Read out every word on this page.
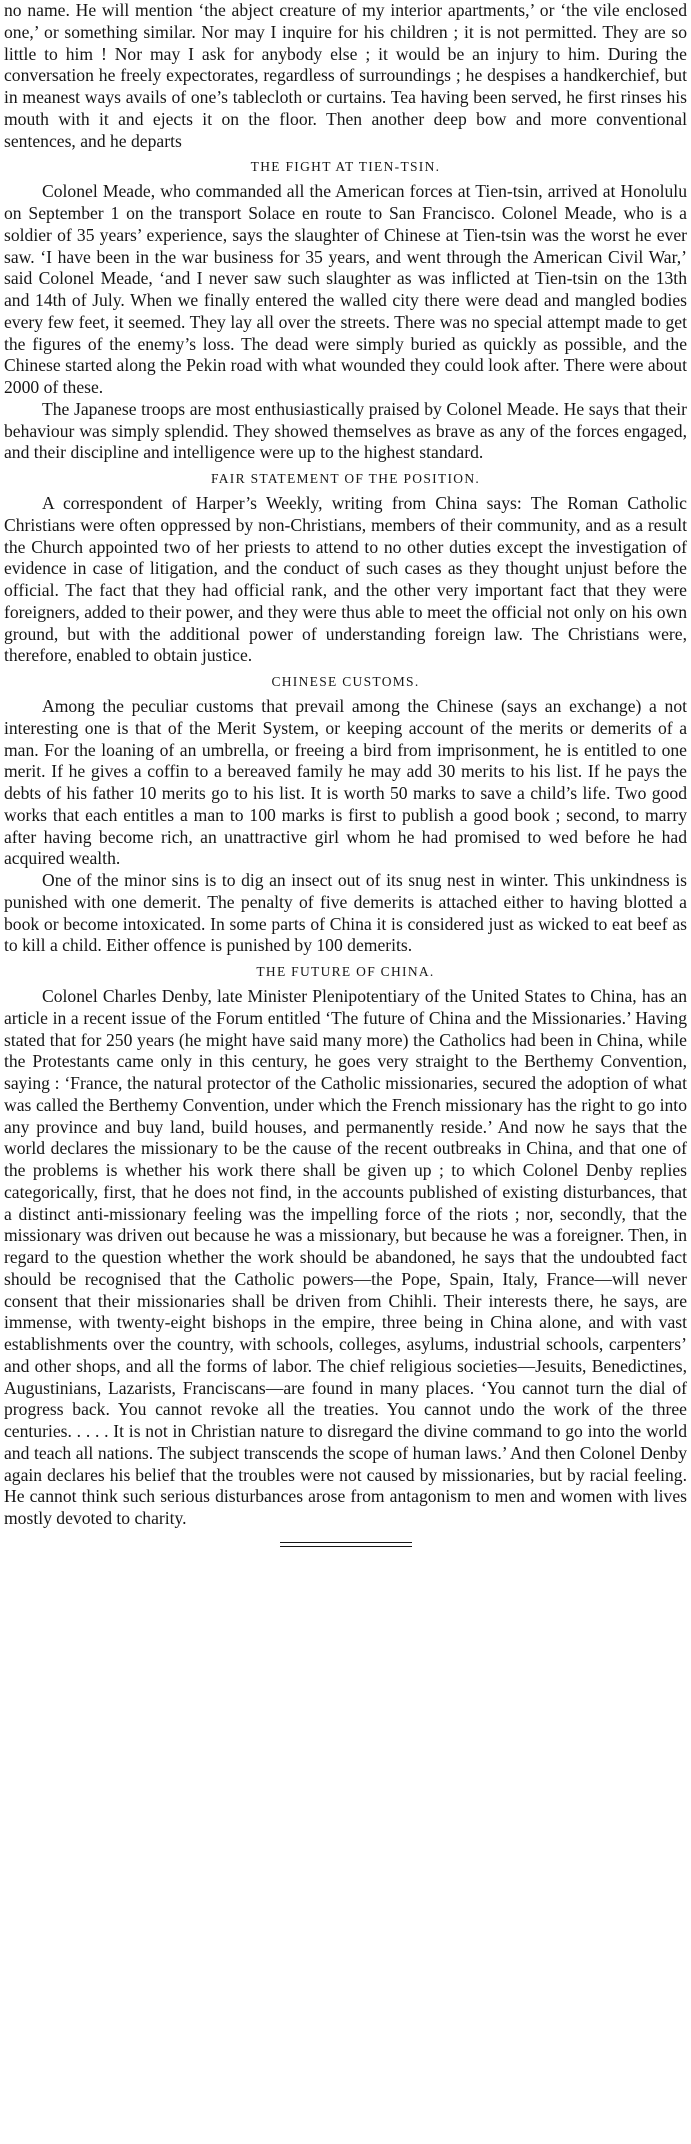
no name. He will mention ‘the abject creature of my interior apartments,’ or ‘the vile enclosed one,’ or something similar. Nor may I inquire for his children ; it is not permitted. They are so little to him ! Nor may I ask for anybody else ; it would be an injury to him. During the conversation he freely expectorates, regardless of surroundings ; he despises a handkerchief, but in meanest ways avails of one’s tablecloth or curtains. Tea having been served, he first rinses his mouth with it and ejects it on the floor. Then another deep bow and more conventional sentences, and he departs

THE FIGHT AT TIEN-TSIN.

Colonel Meade, who commanded all the American forces at Tien-tsin, arrived at Honolulu on September 1 on the transport Solace en route to San Francisco. Colonel Meade, who is a soldier of 35 years’ experience, says the slaughter of Chinese at Tien-tsin was the worst he ever saw. ‘I have been in the war business for 35 years, and went through the American Civil War,’ said Colonel Meade, ‘and I never saw such slaughter as was inflicted at Tien-tsin on the 13th and 14th of July. When we finally entered the walled city there were dead and mangled bodies every few feet, it seemed. They lay all over the streets. There was no special attempt made to get the figures of the enemy’s loss. The dead were simply buried as quickly as possible, and the Chinese started along the Pekin road with what wounded they could look after. There were about 2000 of these.

The Japanese troops are most enthusiastically praised by Colonel Meade. He says that their behaviour was simply splendid. They showed themselves as brave as any of the forces engaged, and their discipline and intelligence were up to the highest standard.

FAIR STATEMENT OF THE POSITION.

A correspondent of Harper’s Weekly, writing from China says: The Roman Catholic Christians were often oppressed by non-Christians, members of their community, and as a result the Church appointed two of her priests to attend to no other duties except the investigation of evidence in case of litigation, and the conduct of such cases as they thought unjust before the official. The fact that they had official rank, and the other very important fact that they were foreigners, added to their power, and they were thus able to meet the official not only on his own ground, but with the additional power of understanding foreign law. The Christians were, therefore, enabled to obtain justice.

CHINESE CUSTOMS.

Among the peculiar customs that prevail among the Chinese (says an exchange) a not interesting one is that of the Merit System, or keeping account of the merits or demerits of a man. For the loaning of an umbrella, or freeing a bird from imprisonment, he is entitled to one merit. If he gives a coffin to a bereaved family he may add 30 merits to his list. If he pays the debts of his father 10 merits go to his list. It is worth 50 marks to save a child’s life. Two good works that each entitles a man to 100 marks is first to publish a good book ; second, to marry after having become rich, an unattractive girl whom he had promised to wed before he had acquired wealth.

One of the minor sins is to dig an insect out of its snug nest in winter. This unkindness is punished with one demerit. The penalty of five demerits is attached either to having blotted a book or become intoxicated. In some parts of China it is considered just as wicked to eat beef as to kill a child. Either offence is punished by 100 demerits.

THE FUTURE OF CHINA.

Colonel Charles Denby, late Minister Plenipotentiary of the United States to China, has an article in a recent issue of the Forum entitled ‘The future of China and the Missionaries.’ Having stated that for 250 years (he might have said many more) the Catholics had been in China, while the Protestants came only in this century, he goes very straight to the Berthemy Convention, saying : ‘France, the natural protector of the Catholic missionaries, secured the adoption of what was called the Berthemy Convention, under which the French missionary has the right to go into any province and buy land, build houses, and permanently reside.’ And now he says that the world declares the missionary to be the cause of the recent outbreaks in China, and that one of the problems is whether his work there shall be given up ; to which Colonel Denby replies categorically, first, that he does not find, in the accounts published of existing disturbances, that a distinct anti-missionary feeling was the impelling force of the riots ; nor, secondly, that the missionary was driven out because he was a missionary, but because he was a foreigner. Then, in regard to the question whether the work should be abandoned, he says that the undoubted fact should be recognised that the Catholic powers—the Pope, Spain, Italy, France—will never consent that their missionaries shall be driven from Chihli. Their interests there, he says, are immense, with twenty-eight bishops in the empire, three being in China alone, and with vast establishments over the country, with schools, colleges, asylums, industrial schools, carpenters’ and other shops, and all the forms of labor. The chief religious societies—Jesuits, Benedictines, Augustinians, Lazarists, Franciscans—are found in many places. ‘You cannot turn the dial of progress back. You cannot revoke all the treaties. You cannot undo the work of the three centuries. . . . . It is not in Christian nature to disregard the divine command to go into the world and teach all nations. The subject transcends the scope of human laws.’ And then Colonel Denby again declares his belief that the troubles were not caused by missionaries, but by racial feeling. He cannot think such serious disturbances arose from antagonism to men and women with lives mostly devoted to charity.
